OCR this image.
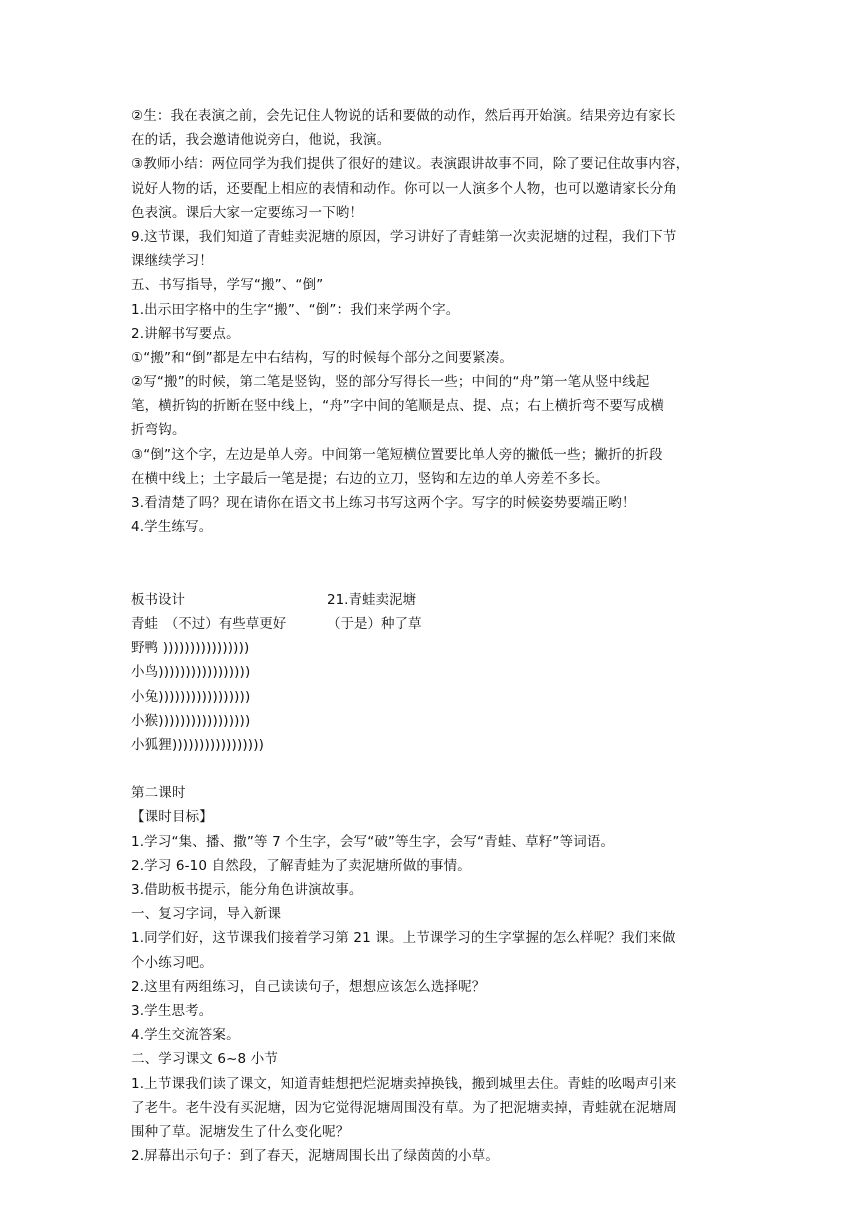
②生：我在表演之前，会先记住人物说的话和要做的动作，然后再开始演。结果旁边有家长
在的话，我会邀请他说旁白，他说，我演。
③教师小结：两位同学为我们提供了很好的建议。表演跟讲故事不同，除了要记住故事内容，
说好人物的话，还要配上相应的表情和动作。你可以一人演多个人物，也可以邀请家长分角
色表演。课后大家一定要练习一下哟！
9.这节课，我们知道了青蛙卖泥塘的原因，学习讲好了青蛙第一次卖泥塘的过程，我们下节
课继续学习！
五、书写指导，学写“搬”、“倒”
1.出示田字格中的生字“搬”、“倒”：我们来学两个字。
2.讲解书写要点。
①“搬”和“倒”都是左中右结构，写的时候每个部分之间要紧凑。
②写“搬”的时候，第二笔是竖钩，竖的部分写得长一些；中间的“舟”第一笔从竖中线起
笔，横折钩的折断在竖中线上，“舟”字中间的笔顺是点、提、点；右上横折弯不要写成横
折弯钩。
③“倒”这个字，左边是单人旁。中间第一笔短横位置要比单人旁的撇低一些；撇折的折段
在横中线上；土字最后一笔是提；右边的立刀，竖钩和左边的单人旁差不多长。
3.看清楚了吗？现在请你在语文书上练习书写这两个字。写字的时候姿势要端正哟！
4.学生练写。
板书设计	21.青蛙卖泥塘
青蛙　（不过）有些草更好	（于是）种了草
野鸭 ))))))))))))))))
小鸟)))))))))))))))))
小兔)))))))))))))))))
小猴)))))))))))))))))
小狐狸)))))))))))))))))
第二课时
【课时目标】
1.学习“集、播、撒”等 7 个生字，会写“破”等生字，会写“青蛙、草籽”等词语。
2.学习 6-10 自然段，了解青蛙为了卖泥塘所做的事情。
3.借助板书提示，能分角色讲演故事。
一、复习字词，导入新课
1.同学们好，这节课我们接着学习第 21 课。上节课学习的生字掌握的怎么样呢？我们来做
个小练习吧。
2.这里有两组练习，自己读读句子，想想应该怎么选择呢？
3.学生思考。
4.学生交流答案。
二、学习课文 6~8 小节
1.上节课我们读了课文，知道青蛙想把烂泥塘卖掉换钱，搬到城里去住。青蛙的吆喝声引来
了老牛。老牛没有买泥塘，因为它觉得泥塘周围没有草。为了把泥塘卖掉，青蛙就在泥塘周
围种了草。泥塘发生了什么变化呢？
2.屏幕出示句子：到了春天，泥塘周围长出了绿茵茵的小草。
